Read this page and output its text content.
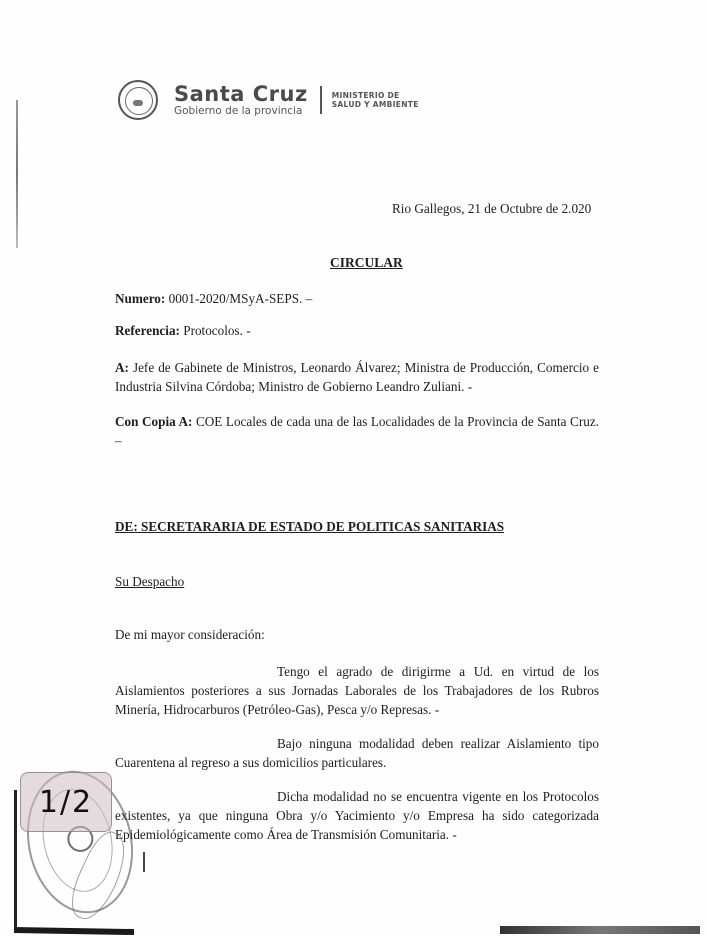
Santa Cruz
Gobierno de la provincia
MINISTERIO DE
SALUD Y AMBIENTE
Rio Gallegos, 21 de Octubre de 2.020
CIRCULAR
Numero: 0001-2020/MSyA-SEPS. –
Referencia: Protocolos. -
A: Jefe de Gabinete de Ministros, Leonardo Álvarez; Ministra de Producción, Comercio e Industria Silvina Córdoba; Ministro de Gobierno Leandro Zuliani. -
Con Copia A: COE Locales de cada una de las Localidades de la Provincia de Santa Cruz. –
DE: SECRETARARIA DE ESTADO DE POLITICAS SANITARIAS
Su Despacho
De mi mayor consideración:
Tengo el agrado de dirigirme a Ud. en virtud de los Aislamientos posteriores a sus Jornadas Laborales de los Trabajadores de los Rubros Minería, Hidrocarburos (Petróleo-Gas), Pesca y/o Represas. -
Bajo ninguna modalidad deben realizar Aislamiento tipo Cuarentena al regreso a sus domicilios particulares.
Dicha modalidad no se encuentra vigente en los Protocolos existentes, ya que ninguna Obra y/o Yacimiento y/o Empresa ha sido categorizada Epidemiológicamente como Área de Transmisión Comunitaria. -
1/2
